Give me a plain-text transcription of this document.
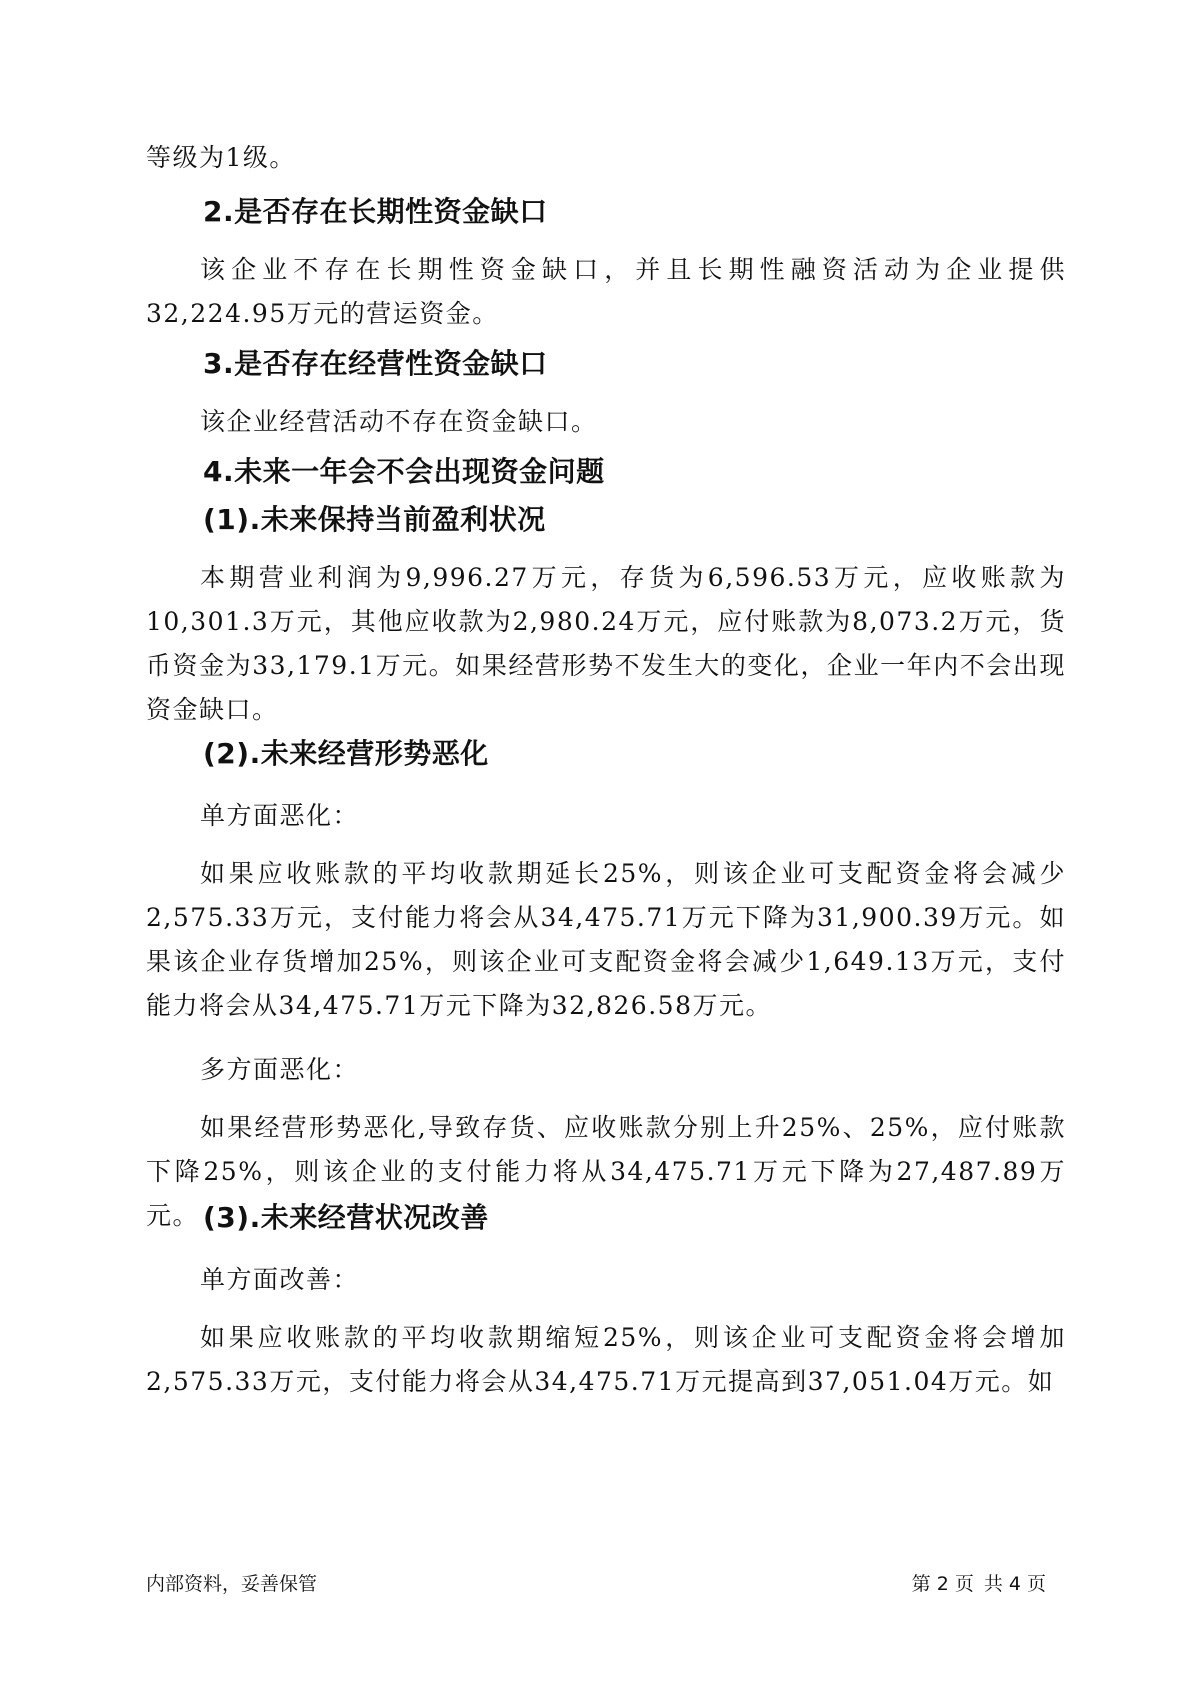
等级为1级。

2.是否存在长期性资金缺口

该企业不存在长期性资金缺口，并且长期性融资活动为企业提供32,224.95万元的营运资金。

3.是否存在经营性资金缺口

该企业经营活动不存在资金缺口。

4.未来一年会不会出现资金问题
(1).未来保持当前盈利状况

本期营业利润为9,996.27万元，存货为6,596.53万元，应收账款为10,301.3万元，其他应收款为2,980.24万元，应付账款为8,073.2万元，货币资金为33,179.1万元。如果经营形势不发生大的变化，企业一年内不会出现资金缺口。

(2).未来经营形势恶化

单方面恶化：

如果应收账款的平均收款期延长25%，则该企业可支配资金将会减少2,575.33万元，支付能力将会从34,475.71万元下降为31,900.39万元。如果该企业存货增加25%，则该企业可支配资金将会减少1,649.13万元，支付能力将会从34,475.71万元下降为32,826.58万元。

多方面恶化：

如果经营形势恶化,导致存货、应收账款分别上升25%、25%，应付账款下降25%，则该企业的支付能力将从34,475.71万元下降为27,487.89万元。 (3).未来经营状况改善

单方面改善：

如果应收账款的平均收款期缩短25%，则该企业可支配资金将会增加2,575.33万元，支付能力将会从34,475.71万元提高到37,051.04万元。如

内部资料，妥善保管	第 2 页 共 4 页
